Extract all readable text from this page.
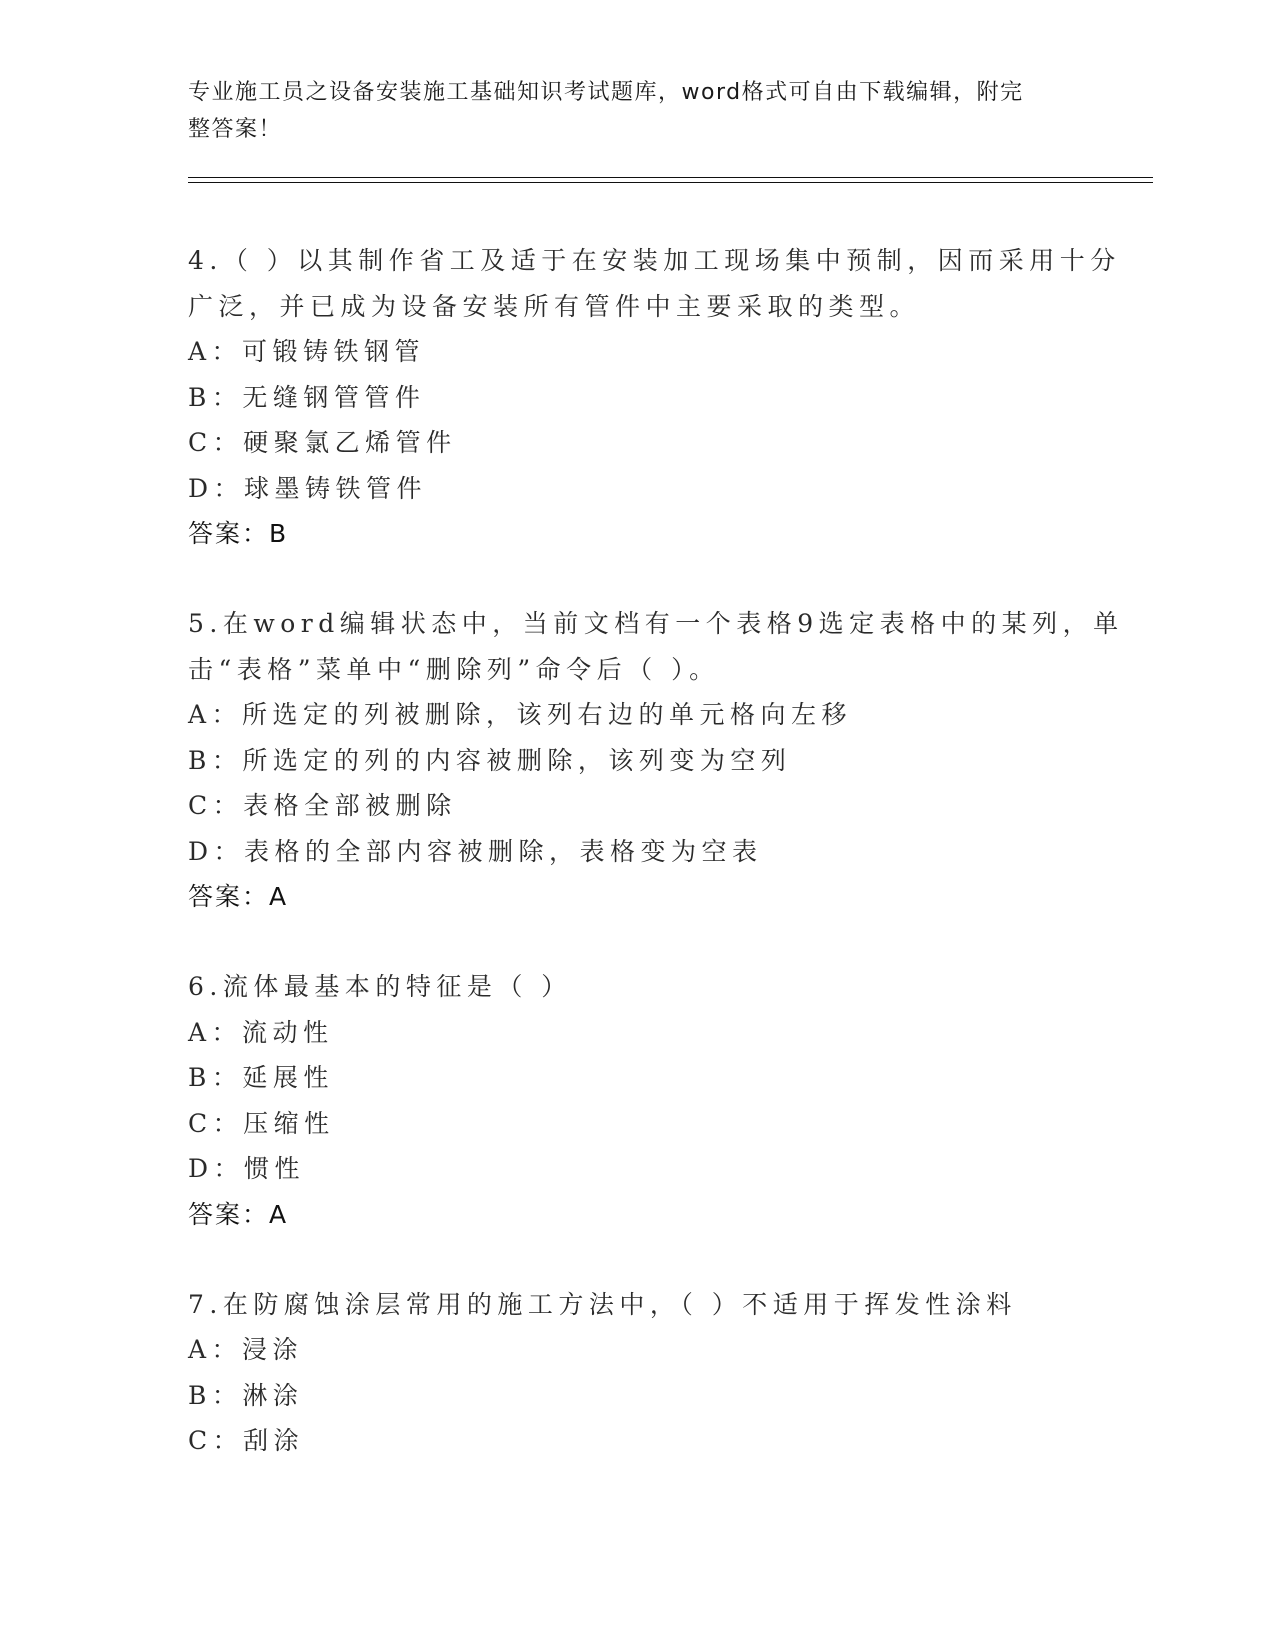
专业施工员之设备安装施工基础知识考试题库，word格式可自由下载编辑，附完
整答案！
4.（ ）以其制作省工及适于在安装加工现场集中预制，因而采用十分
广泛，并已成为设备安装所有管件中主要采取的类型。
A：可锻铸铁钢管
B：无缝钢管管件
C：硬聚氯乙烯管件
D：球墨铸铁管件
答案：B
5.在word编辑状态中，当前文档有一个表格9选定表格中的某列，单
击“表格”菜单中“删除列”命令后（ ）。
A：所选定的列被删除，该列右边的单元格向左移
B：所选定的列的内容被删除，该列变为空列
C：表格全部被删除
D：表格的全部内容被删除，表格变为空表
答案：A
6.流体最基本的特征是（ ）
A：流动性
B：延展性
C：压缩性
D：惯性
答案：A
7.在防腐蚀涂层常用的施工方法中，（ ）不适用于挥发性涂料
A：浸涂
B：淋涂
C：刮涂
